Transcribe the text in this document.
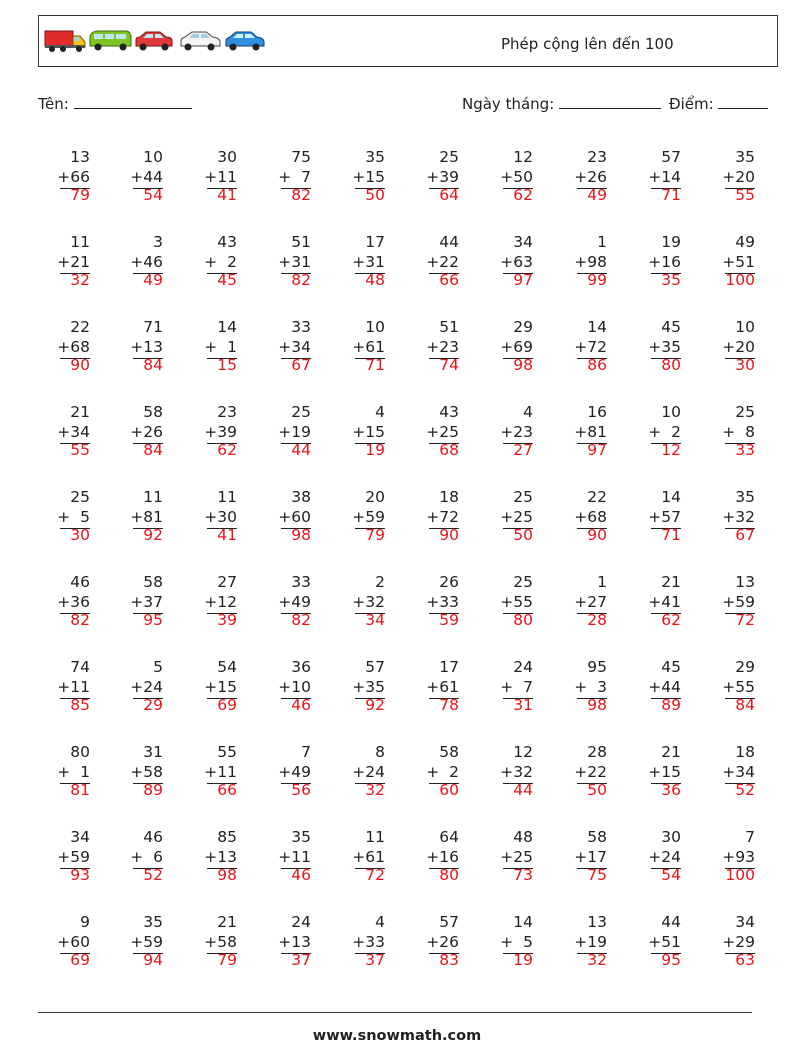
Phép cộng lên đến 100
Tên:	Ngày tháng:	Điểm:
13
+66
79
10
+44
54
30
+11
41
75
+  7
82
35
+15
50
25
+39
64
12
+50
62
23
+26
49
57
+14
71
35
+20
55
11
+21
32
3
+46
49
43
+  2
45
51
+31
82
17
+31
48
44
+22
66
34
+63
97
1
+98
99
19
+16
35
49
+51
100
22
+68
90
71
+13
84
14
+  1
15
33
+34
67
10
+61
71
51
+23
74
29
+69
98
14
+72
86
45
+35
80
10
+20
30
21
+34
55
58
+26
84
23
+39
62
25
+19
44
4
+15
19
43
+25
68
4
+23
27
16
+81
97
10
+  2
12
25
+  8
33
25
+  5
30
11
+81
92
11
+30
41
38
+60
98
20
+59
79
18
+72
90
25
+25
50
22
+68
90
14
+57
71
35
+32
67
46
+36
82
58
+37
95
27
+12
39
33
+49
82
2
+32
34
26
+33
59
25
+55
80
1
+27
28
21
+41
62
13
+59
72
74
+11
85
5
+24
29
54
+15
69
36
+10
46
57
+35
92
17
+61
78
24
+  7
31
95
+  3
98
45
+44
89
29
+55
84
80
+  1
81
31
+58
89
55
+11
66
7
+49
56
8
+24
32
58
+  2
60
12
+32
44
28
+22
50
21
+15
36
18
+34
52
34
+59
93
46
+  6
52
85
+13
98
35
+11
46
11
+61
72
64
+16
80
48
+25
73
58
+17
75
30
+24
54
7
+93
100
9
+60
69
35
+59
94
21
+58
79
24
+13
37
4
+33
37
57
+26
83
14
+  5
19
13
+19
32
44
+51
95
34
+29
63
www.snowmath.com
